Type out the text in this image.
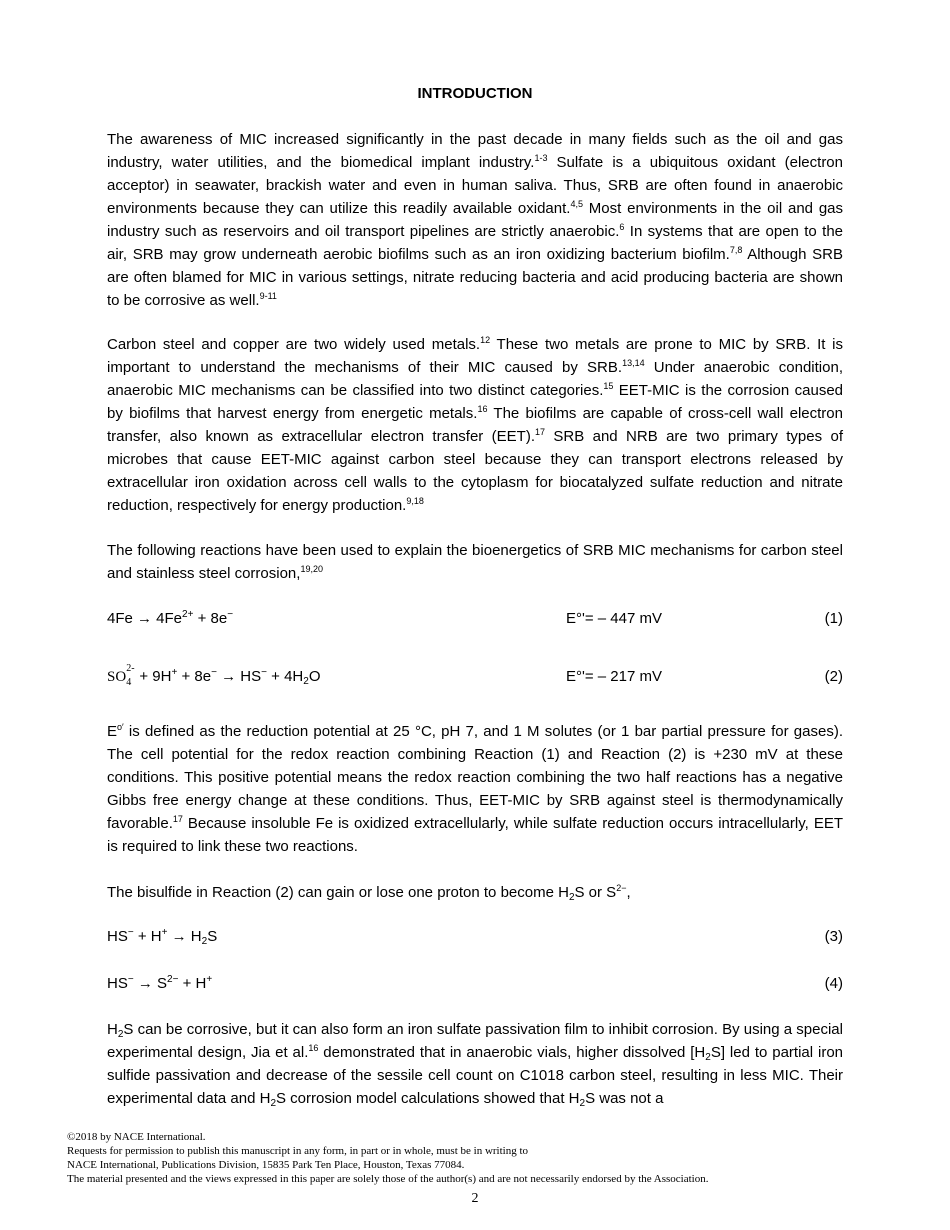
INTRODUCTION
The awareness of MIC increased significantly in the past decade in many fields such as the oil and gas industry, water utilities, and the biomedical implant industry.$^{1-3}$ Sulfate is a ubiquitous oxidant (electron acceptor) in seawater, brackish water and even in human saliva. Thus, SRB are often found in anaerobic environments because they can utilize this readily available oxidant.$^{4,5}$ Most environments in the oil and gas industry such as reservoirs and oil transport pipelines are strictly anaerobic.$^6$ In systems that are open to the air, SRB may grow underneath aerobic biofilms such as an iron oxidizing bacterium biofilm.$^{7,8}$ Although SRB are often blamed for MIC in various settings, nitrate reducing bacteria and acid producing bacteria are shown to be corrosive as well.$^{9-11}$
Carbon steel and copper are two widely used metals.$^{12}$ These two metals are prone to MIC by SRB. It is important to understand the mechanisms of their MIC caused by SRB.$^{13,14}$ Under anaerobic condition, anaerobic MIC mechanisms can be classified into two distinct categories.$^{15}$ EET-MIC is the corrosion caused by biofilms that harvest energy from energetic metals.$^{16}$ The biofilms are capable of cross-cell wall electron transfer, also known as extracellular electron transfer (EET).$^{17}$ SRB and NRB are two primary types of microbes that cause EET-MIC against carbon steel because they can transport electrons released by extracellular iron oxidation across cell walls to the cytoplasm for biocatalyzed sulfate reduction and nitrate reduction, respectively for energy production.$^{9,18}$
The following reactions have been used to explain the bioenergetics of SRB MIC mechanisms for carbon steel and stainless steel corrosion,$^{19,20}$
$4Fe \to 4Fe^{2+} + 8e^-$	E°'= – 447 mV	(1)
SO
2-
$4 + 9H^+ + 8e^- \to HS^- + 4H_2O$	E°'= – 217 mV	(2)
$E^{o'}$ is defined as the reduction potential at 25 °C, pH 7, and 1 M solutes (or 1 bar partial pressure for gases). The cell potential for the redox reaction combining Reaction (1) and Reaction (2) is +230 mV at these conditions. This positive potential means the redox reaction combining the two half reactions has a negative Gibbs free energy change at these conditions. Thus, EET-MIC by SRB against steel is thermodynamically favorable.$^{17}$ Because insoluble Fe is oxidized extracellularly, while sulfate reduction occurs intracellularly, EET is required to link these two reactions.
The bisulfide in Reaction (2) can gain or lose one proton to become $H_2S$ or $S^{2-}$,
$HS^- + H^+ \to H_2S$	(3)
$HS^- \to S^{2-} + H^+$	(4)
$H_2S$ can be corrosive, but it can also form an iron sulfate passivation film to inhibit corrosion. By using a special experimental design, Jia et al.$^{16}$ demonstrated that in anaerobic vials, higher dissolved $[H_2S]$ led to partial iron sulfide passivation and decrease of the sessile cell count on C1018 carbon steel, resulting in less MIC. Their experimental data and $H_2S$ corrosion model calculations showed that $H_2S$ was not a
©2018 by NACE International.
Requests for permission to publish this manuscript in any form, in part or in whole, must be in writing to
NACE International, Publications Division, 15835 Park Ten Place, Houston, Texas 77084.
The material presented and the views expressed in this paper are solely those of the author(s) and are not necessarily endorsed by the Association.
2
